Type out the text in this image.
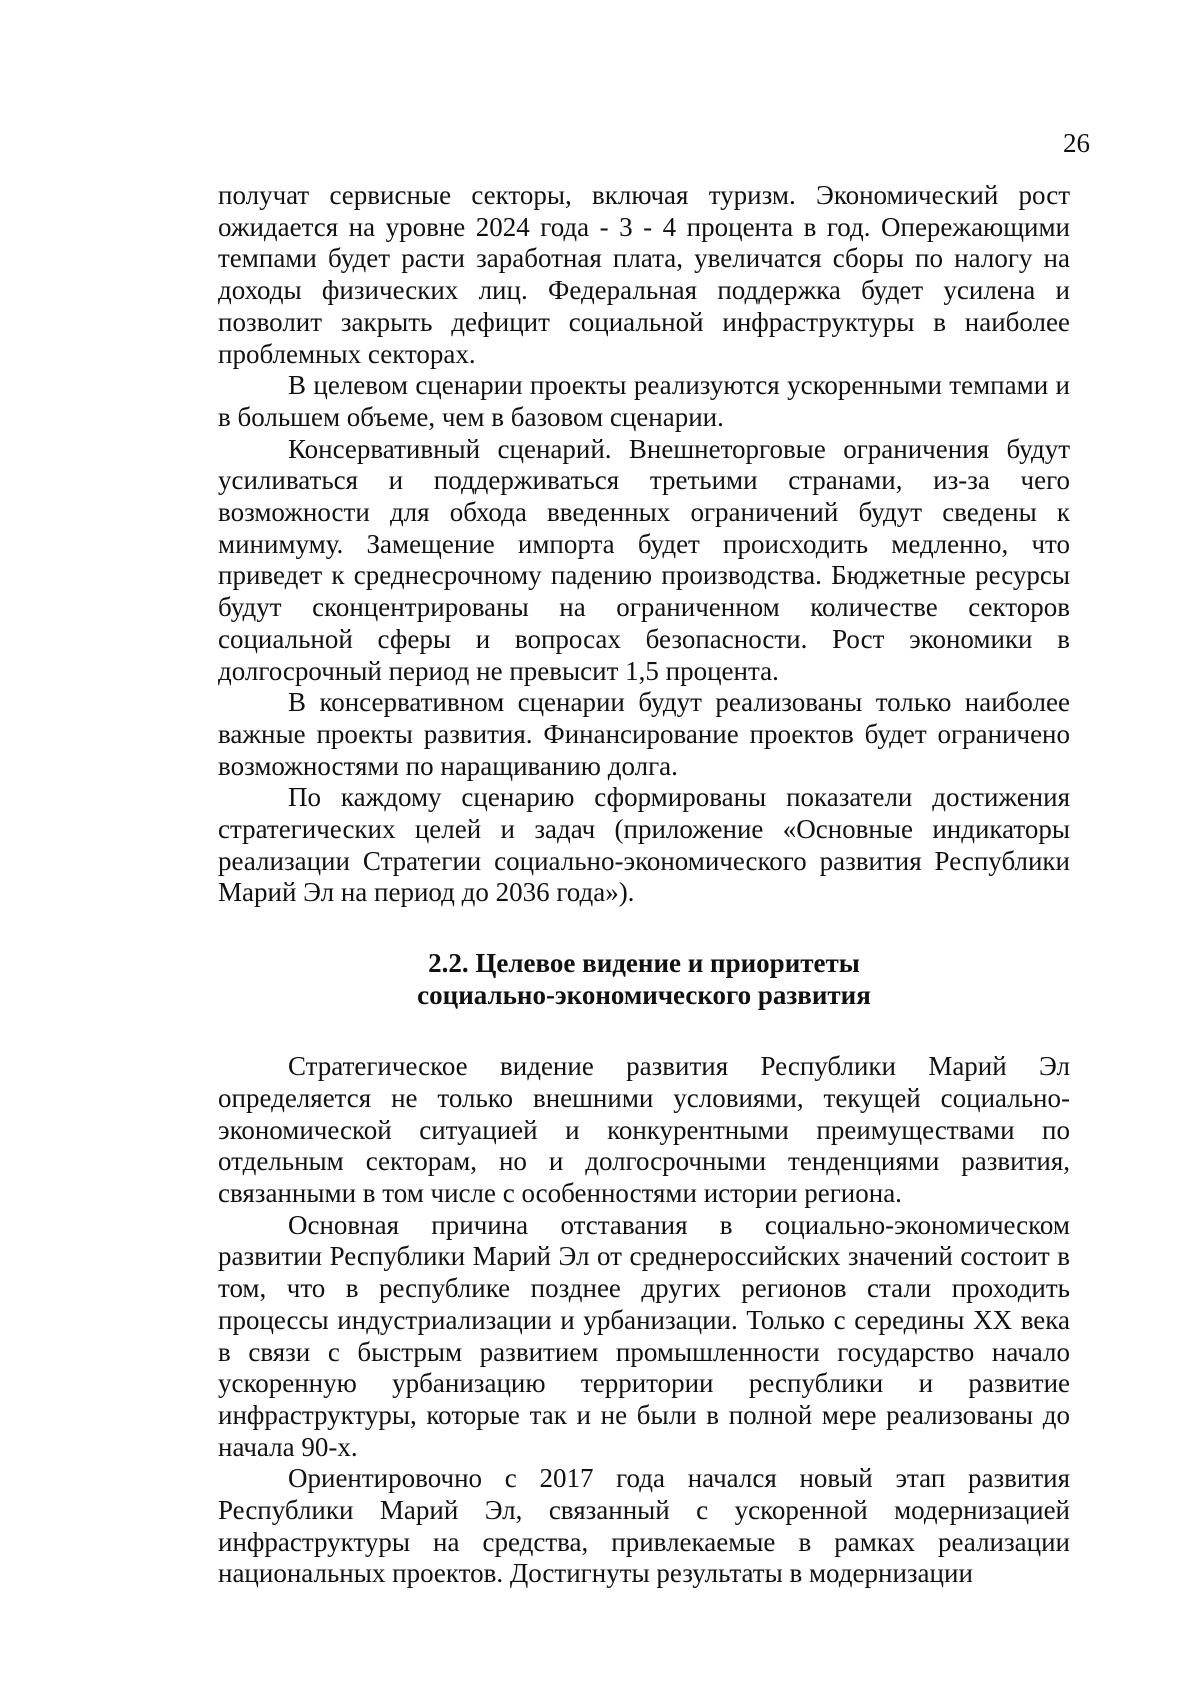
26

получат сервисные секторы, включая туризм. Экономический рост ожидается на уровне 2024 года - 3 - 4 процента в год. Опережающими темпами будет расти заработная плата, увеличатся сборы по налогу на доходы физических лиц. Федеральная поддержка будет усилена и позволит закрыть дефицит социальной инфраструктуры в наиболее проблемных секторах.

В целевом сценарии проекты реализуются ускоренными темпами и в большем объеме, чем в базовом сценарии.

Консервативный сценарий. Внешнеторговые ограничения будут усиливаться и поддерживаться третьими странами, из-за чего возможности для обхода введенных ограничений будут сведены к минимуму. Замещение импорта будет происходить медленно, что приведет к среднесрочному падению производства. Бюджетные ресурсы будут сконцентрированы на ограниченном количестве секторов социальной сферы и вопросах безопасности. Рост экономики в долгосрочный период не превысит 1,5 процента.

В консервативном сценарии будут реализованы только наиболее важные проекты развития. Финансирование проектов будет ограничено возможностями по наращиванию долга.

По каждому сценарию сформированы показатели достижения стратегических целей и задач (приложение «Основные индикаторы реализации Стратегии социально-экономического развития Республики Марий Эл на период до 2036 года»).

2.2. Целевое видение и приоритеты
социально-экономического развития

Стратегическое видение развития Республики Марий Эл определяется не только внешними условиями, текущей социально-экономической ситуацией и конкурентными преимуществами по отдельным секторам, но и долгосрочными тенденциями развития, связанными в том числе с особенностями истории региона.

Основная причина отставания в социально-экономическом развитии Республики Марий Эл от среднероссийских значений состоит в том, что в республике позднее других регионов стали проходить процессы индустриализации и урбанизации. Только с середины XX века в связи с быстрым развитием промышленности государство начало ускоренную урбанизацию территории республики и развитие инфраструктуры, которые так и не были в полной мере реализованы до начала 90-х.

Ориентировочно с 2017 года начался новый этап развития Республики Марий Эл, связанный с ускоренной модернизацией инфраструктуры на средства, привлекаемые в рамках реализации национальных проектов. Достигнуты результаты в модернизации
